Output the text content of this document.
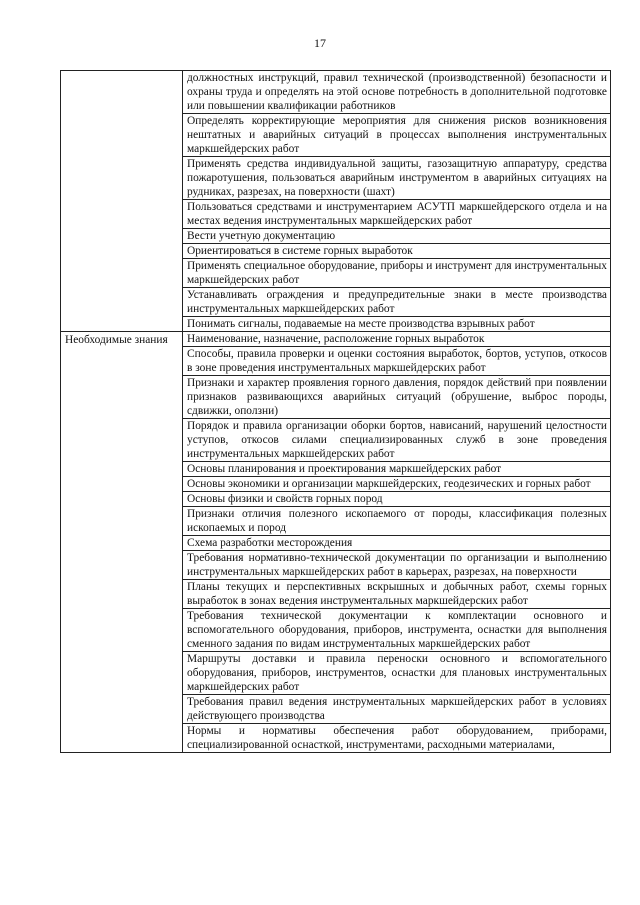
17
	должностных инструкций, правил технической (производственной) безопасности и охраны труда и определять на этой основе потребность в дополнительной подготовке или повышении квалификации работников
	Определять корректирующие мероприятия для снижения рисков возникновения нештатных и аварийных ситуаций в процессах выполнения инструментальных маркшейдерских работ
	Применять средства индивидуальной защиты, газозащитную аппаратуру, средства пожаротушения, пользоваться аварийным инструментом в аварийных ситуациях на рудниках, разрезах, на поверхности (шахт)
	Пользоваться средствами и инструментарием АСУТП маркшейдерского отдела и на местах ведения инструментальных маркшейдерских работ
	Вести учетную документацию
	Ориентироваться в системе горных выработок
	Применять специальное оборудование, приборы и инструмент для инструментальных маркшейдерских работ
	Устанавливать ограждения и предупредительные знаки в месте производства инструментальных маркшейдерских работ
	Понимать сигналы, подаваемые на месте производства взрывных работ
Необходимые знания	Наименование, назначение, расположение горных выработок
	Способы, правила проверки и оценки состояния выработок, бортов, уступов, откосов в зоне проведения инструментальных маркшейдерских работ
	Признаки и характер проявления горного давления, порядок действий при появлении признаков развивающихся аварийных ситуаций (обрушение, выброс породы, сдвижки, оползни)
	Порядок и правила организации оборки бортов, нависаний, нарушений целостности уступов, откосов силами специализированных служб в зоне проведения инструментальных маркшейдерских работ
	Основы планирования и проектирования маркшейдерских работ
	Основы экономики и организации маркшейдерских, геодезических и горных работ
	Основы физики и свойств горных пород
	Признаки отличия полезного ископаемого от породы, классификация полезных ископаемых и пород
	Схема разработки месторождения
	Требования нормативно-технической документации по организации и выполнению инструментальных маркшейдерских работ в карьерах, разрезах, на поверхности
	Планы текущих и перспективных вскрышных и добычных работ, схемы горных выработок в зонах ведения инструментальных маркшейдерских работ
	Требования технической документации к комплектации основного и вспомогательного оборудования, приборов, инструмента, оснастки для выполнения сменного задания по видам инструментальных маркшейдерских работ
	Маршруты доставки и правила переноски основного и вспомогательного оборудования, приборов, инструментов, оснастки для плановых инструментальных маркшейдерских работ
	Требования правил ведения инструментальных маркшейдерских работ в условиях действующего производства
	Нормы и нормативы обеспечения работ оборудованием, приборами, специализированной оснасткой, инструментами, расходными материалами,
